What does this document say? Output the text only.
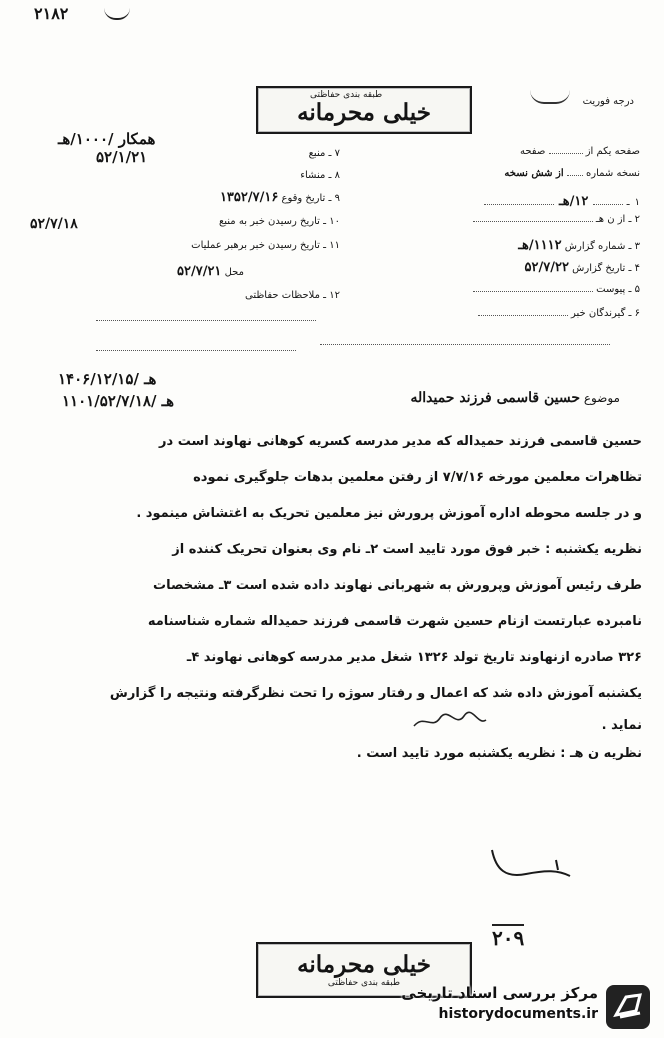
۲۱۸۲
طبقه بندی حفاظتی
خیلی محرمانه	درجه فوریت
صفحه یکم از  صفحه
نسخه شماره  از شش نسخه
۱ ـ  ۱۲/هـ
۲ ـ از ن هـ
۳ ـ شماره گزارش ۱۱۱۲/هـ
۴ ـ تاریخ گزارش ۵۲/۷/۲۲
۵ ـ پیوست
۶ ـ گیرندگان خبر
همکار /۱۰۰۰/هـ
۷ ـ منبع
۵۲/۱/۲۱
۸ ـ منشاء
۹ ـ تاریخ وقوع ۱۳۵۲/۷/۱۶
۱۰ ـ تاریخ رسیدن خبر به منبع
۵۲/۷/۱۸
۱۱ ـ تاریخ رسیدن خبر برهبر عملیات
محل ۵۲/۷/۲۱
۱۲ ـ ملاحظات حفاظتی
۱۴۰۶/هـ /۱۲/۱۵
۱۱۰۱/هـ /۵۲/۷/۱۸	موضوع حسین قاسمی فرزند حمیداله
حسین قاسمی فرزند حمیداله که مدیر مدرسه کسریه کوهانی نهاوند است در
تظاهرات معلمین مورخه ۷/۷/۱۶ از رفتن معلمین بدهات جلوگیری نموده
و در جلسه محوطه اداره آموزش پرورش نیز معلمین تحریک به اغتشاش مینمود .
نظریه یکشنبه : خبر فوق مورد تایید است ۲ـ نام وی بعنوان تحریک کننده از
طرف رئیس آموزش وپرورش به شهربانی نهاوند داده شده است ۳ـ مشخصات
نامبرده عبارتست ازنام حسین شهرت قاسمی فرزند حمیداله شماره شناسنامه
۳۲۶ صادره ازنهاوند تاریخ تولد ۱۳۲۶ شغل مدیر مدرسه کوهانی نهاوند ۴ـ
یکشنبه آموزش داده شد که اعمال و رفتار سوژه را تحت نظرگرفته ونتیجه را گزارش
نماید .
نظریه ن هـ : نظریه یکشنبه مورد تایید است .
۲۰۹
خیلی محرمانه
طبقه بندی حفاظتی
مرکز بررسی اسناد تاریخی
historydocuments.ir
